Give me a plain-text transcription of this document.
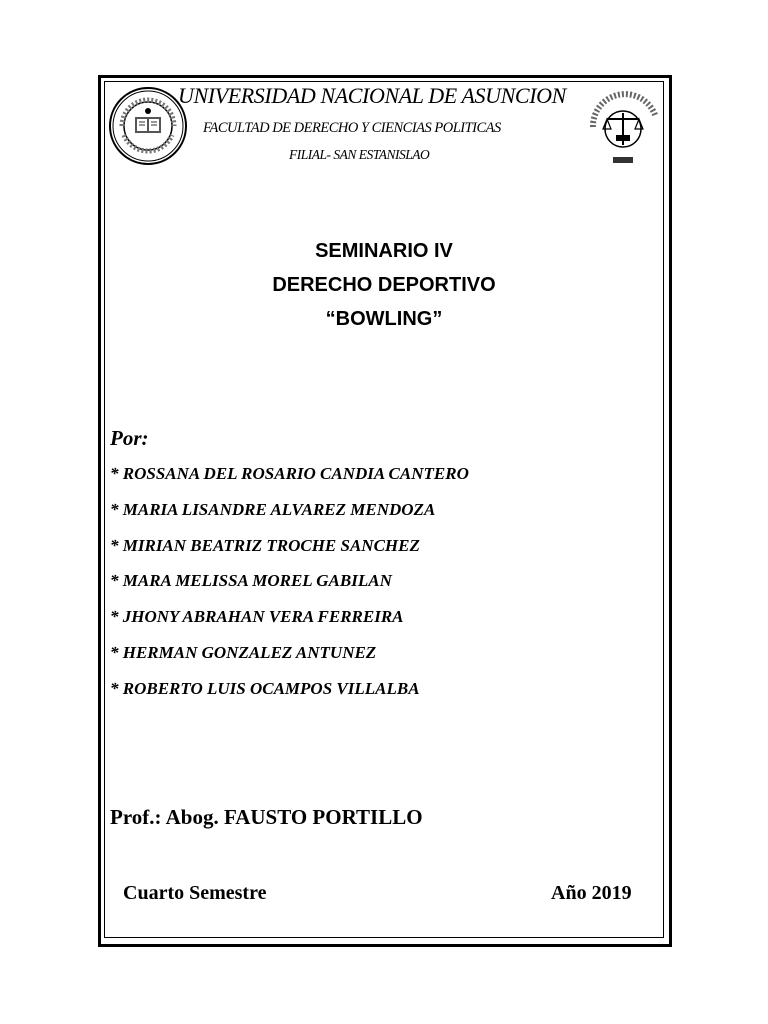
UNIVERSIDAD NACIONAL DE ASUNCION
FACULTAD DE DERECHO Y CIENCIAS POLITICAS
FILIAL- SAN ESTANISLAO
SEMINARIO IV
DERECHO DEPORTIVO
“BOWLING”
Por:
* ROSSANA DEL ROSARIO CANDIA CANTERO
* MARIA LISANDRE ALVAREZ MENDOZA
* MIRIAN BEATRIZ TROCHE SANCHEZ
* MARA MELISSA MOREL GABILAN
* JHONY ABRAHAN VERA FERREIRA
* HERMAN GONZALEZ ANTUNEZ
* ROBERTO LUIS OCAMPOS VILLALBA
Prof.: Abog. FAUSTO PORTILLO
Cuarto Semestre	Año 2019
